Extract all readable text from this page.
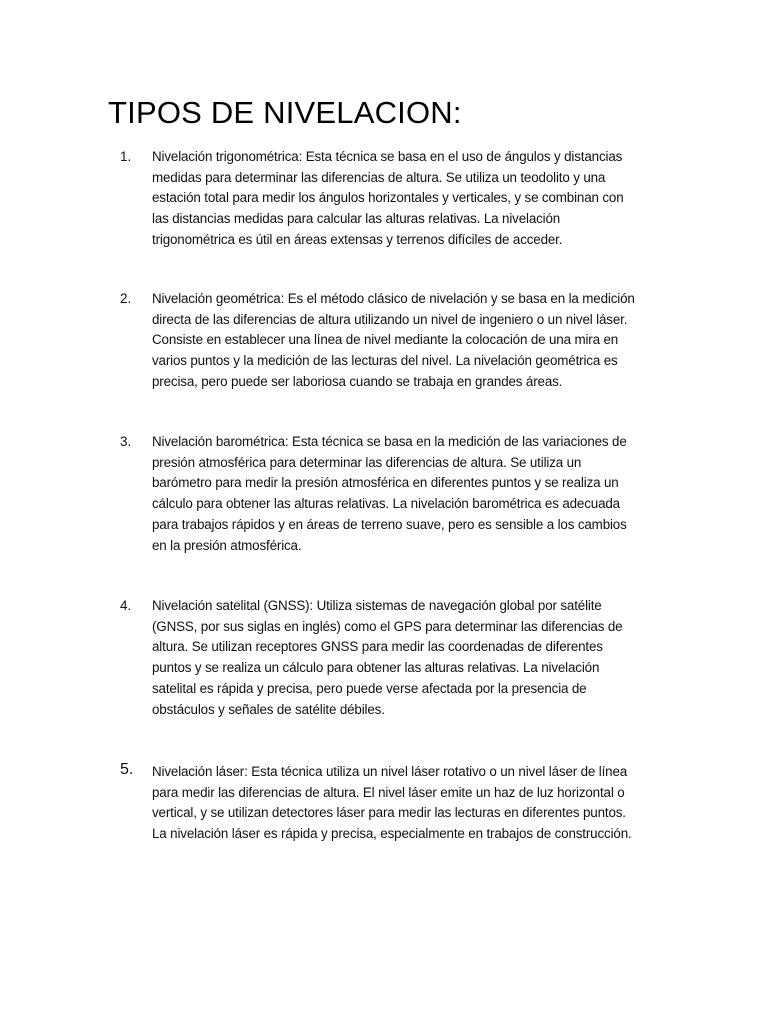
TIPOS DE NIVELACION:
1.	Nivelación trigonométrica: Esta técnica se basa en el uso de ángulos y distancias
medidas para determinar las diferencias de altura. Se utiliza un teodolito y una
estación total para medir los ángulos horizontales y verticales, y se combinan con
las distancias medidas para calcular las alturas relativas. La nivelación
trigonométrica es útil en áreas extensas y terrenos difíciles de acceder.

2.	Nivelación geométrica: Es el método clásico de nivelación y se basa en la medición
directa de las diferencias de altura utilizando un nivel de ingeniero o un nivel láser.
Consiste en establecer una línea de nivel mediante la colocación de una mira en
varios puntos y la medición de las lecturas del nivel. La nivelación geométrica es
precisa, pero puede ser laboriosa cuando se trabaja en grandes áreas.

3.	Nivelación barométrica: Esta técnica se basa en la medición de las variaciones de
presión atmosférica para determinar las diferencias de altura. Se utiliza un
barómetro para medir la presión atmosférica en diferentes puntos y se realiza un
cálculo para obtener las alturas relativas. La nivelación barométrica es adecuada
para trabajos rápidos y en áreas de terreno suave, pero es sensible a los cambios
en la presión atmosférica.

4.	Nivelación satelital (GNSS): Utiliza sistemas de navegación global por satélite
(GNSS, por sus siglas en inglés) como el GPS para determinar las diferencias de
altura. Se utilizan receptores GNSS para medir las coordenadas de diferentes
puntos y se realiza un cálculo para obtener las alturas relativas. La nivelación
satelital es rápida y precisa, pero puede verse afectada por la presencia de
obstáculos y señales de satélite débiles.

5.	Nivelación láser: Esta técnica utiliza un nivel láser rotativo o un nivel láser de línea
para medir las diferencias de altura. El nivel láser emite un haz de luz horizontal o
vertical, y se utilizan detectores láser para medir las lecturas en diferentes puntos.
La nivelación láser es rápida y precisa, especialmente en trabajos de construcción.
